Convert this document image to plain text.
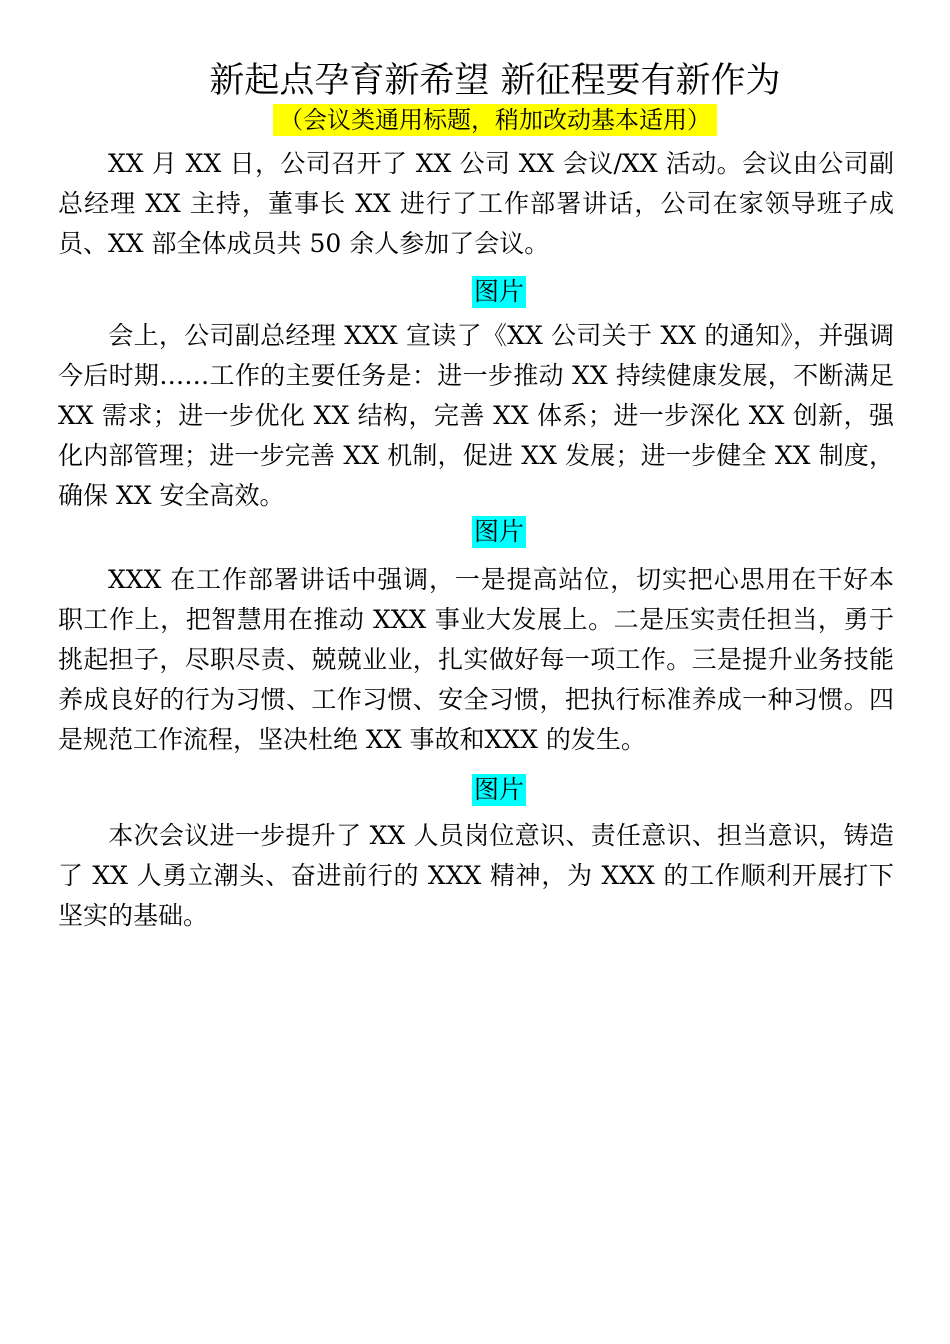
新起点孕育新希望 新征程要有新作为
（会议类通用标题，稍加改动基本适用）
XX 月 XX 日，公司召开了 XX 公司 XX 会议/XX 活动。会议由公司副总经理 XX 主持，董事长 XX 进行了工作部署讲话，公司在家领导班子成员、XX 部全体成员共 50 余人参加了会议。
图片
会上，公司副总经理 XXX 宣读了《XX 公司关于 XX 的通知》，并强调今后时期……工作的主要任务是：进一步推动 XX 持续健康发展，不断满足 XX 需求；进一步优化 XX 结构，完善 XX 体系；进一步深化 XX 创新，强化内部管理；进一步完善 XX 机制，促进 XX 发展；进一步健全 XX 制度，确保 XX 安全高效。
图片
XXX 在工作部署讲话中强调，一是提高站位，切实把心思用在干好本职工作上，把智慧用在推动 XXX 事业大发展上。二是压实责任担当，勇于挑起担子，尽职尽责、兢兢业业，扎实做好每一项工作。三是提升业务技能养成良好的行为习惯、工作习惯、安全习惯，把执行标准养成一种习惯。四是规范工作流程，坚决杜绝 XX 事故和XXX 的发生。
图片
本次会议进一步提升了 XX 人员岗位意识、责任意识、担当意识，铸造了 XX 人勇立潮头、奋进前行的 XXX 精神，为 XXX 的工作顺利开展打下坚实的基础。
